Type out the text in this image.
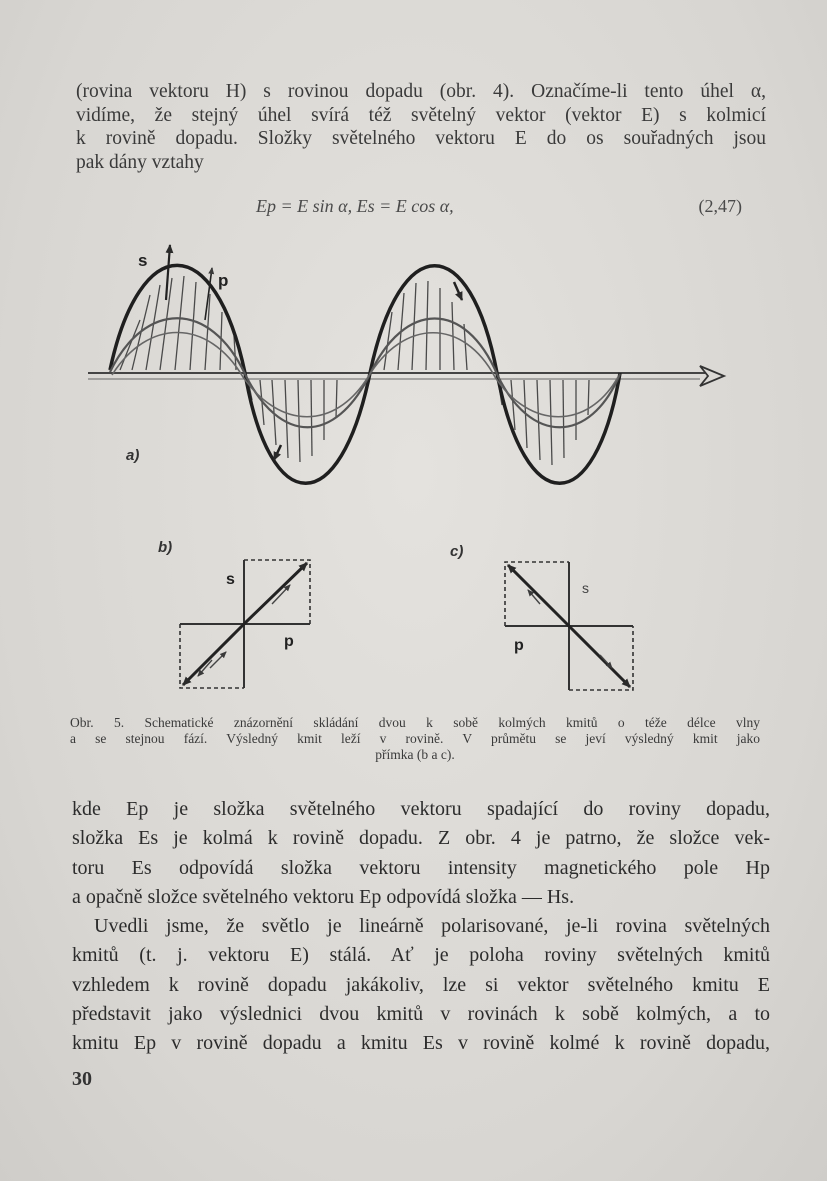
(rovina vektoru H) s rovinou dopadu (obr. 4). Označíme-li tento úhel α,
vidíme, že stejný úhel svírá též světelný vektor (vektor E) s kolmicí
k rovině dopadu. Složky světelného vektoru E do os souřadných jsou
pak dány vztahy
Ep = E sin α, Es = E cos α,	(2,47)
s
p
a)
b)
s
p
c)
s
p
Obr. 5. Schematické znázornění skládání dvou k sobě kolmých kmitů o téže délce vlny
a se stejnou fází. Výsledný kmit leží v rovině. V průmětu se jeví výsledný kmit jako
přímka (b a c).
kde Ep je složka světelného vektoru spadající do roviny dopadu,
složka Es je kolmá k rovině dopadu. Z obr. 4 je patrno, že složce vek-
toru Es odpovídá složka vektoru intensity magnetického pole Hp
a opačně složce světelného vektoru Ep odpovídá složka — Hs.
Uvedli jsme, že světlo je lineárně polarisované, je-li rovina světelných
kmitů (t. j. vektoru E) stálá. Ať je poloha roviny světelných kmitů
vzhledem k rovině dopadu jakákoliv, lze si vektor světelného kmitu E
představit jako výslednici dvou kmitů v rovinách k sobě kolmých, a to
kmitu Ep v rovině dopadu a kmitu Es v rovině kolmé k rovině dopadu,
30
